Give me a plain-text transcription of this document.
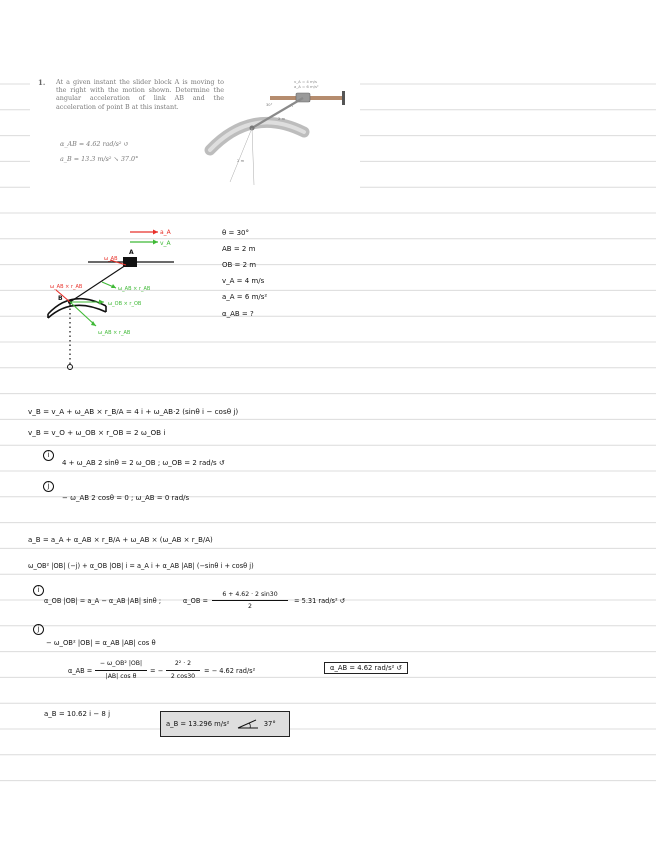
1. At a given instant the slider block A is moving to the right with the motion shown. Determine the angular acceleration of link AB and the acceleration of point B at this instant.
α_AB = 4.62 rad/s² ↺
a_B = 13.3 m/s² ↘ 37.0°
v_A = 4 m/s
a_A = 6 m/s²
2 m
2 m
30°
A
a_A
v_A
B
ω_AB × r_AB
ω_AB
ω_AB × r_AB
ω_OB × r_OB
ω_AB × r_AB
θ = 30°
AB = 2 m
OB = 2 m
v_A = 4 m/s
a_A = 6 m/s²
α_AB = ?
v_B = v_A + ω_AB × r_B/A = 4 i + ω_AB·2 (sinθ i − cosθ j)
v_B = v_O + ω_OB × r_OB = 2 ω_OB i
i
4 + ω_AB 2 sinθ = 2 ω_OB ; ω_OB = 2 rad/s ↺
j
− ω_AB 2 cosθ = 0 ; ω_AB = 0 rad/s
a_B = a_A + α_AB × r_B/A + ω_AB × (ω_AB × r_B/A)
ω_OB² |OB| (−j) + α_OB |OB| i = a_A i + α_AB |AB| (−sinθ i + cosθ j)
i
α_OB |OB| = a_A − α_AB |AB| sinθ ;	α_OB =
6 + 4.62 · 2 sin30
2
= 5.31 rad/s² ↺
j
− ω_OB² |OB| = α_AB |AB| cos θ
α_AB =
− ω_OB² |OB|
|AB| cos θ
= −
2² · 2
2 cos30
= − 4.62 rad/s²	α_AB = 4.62 rad/s² ↺
a_B = 10.62 i − 8 j
a_B = 13.296 m/s²	37°
